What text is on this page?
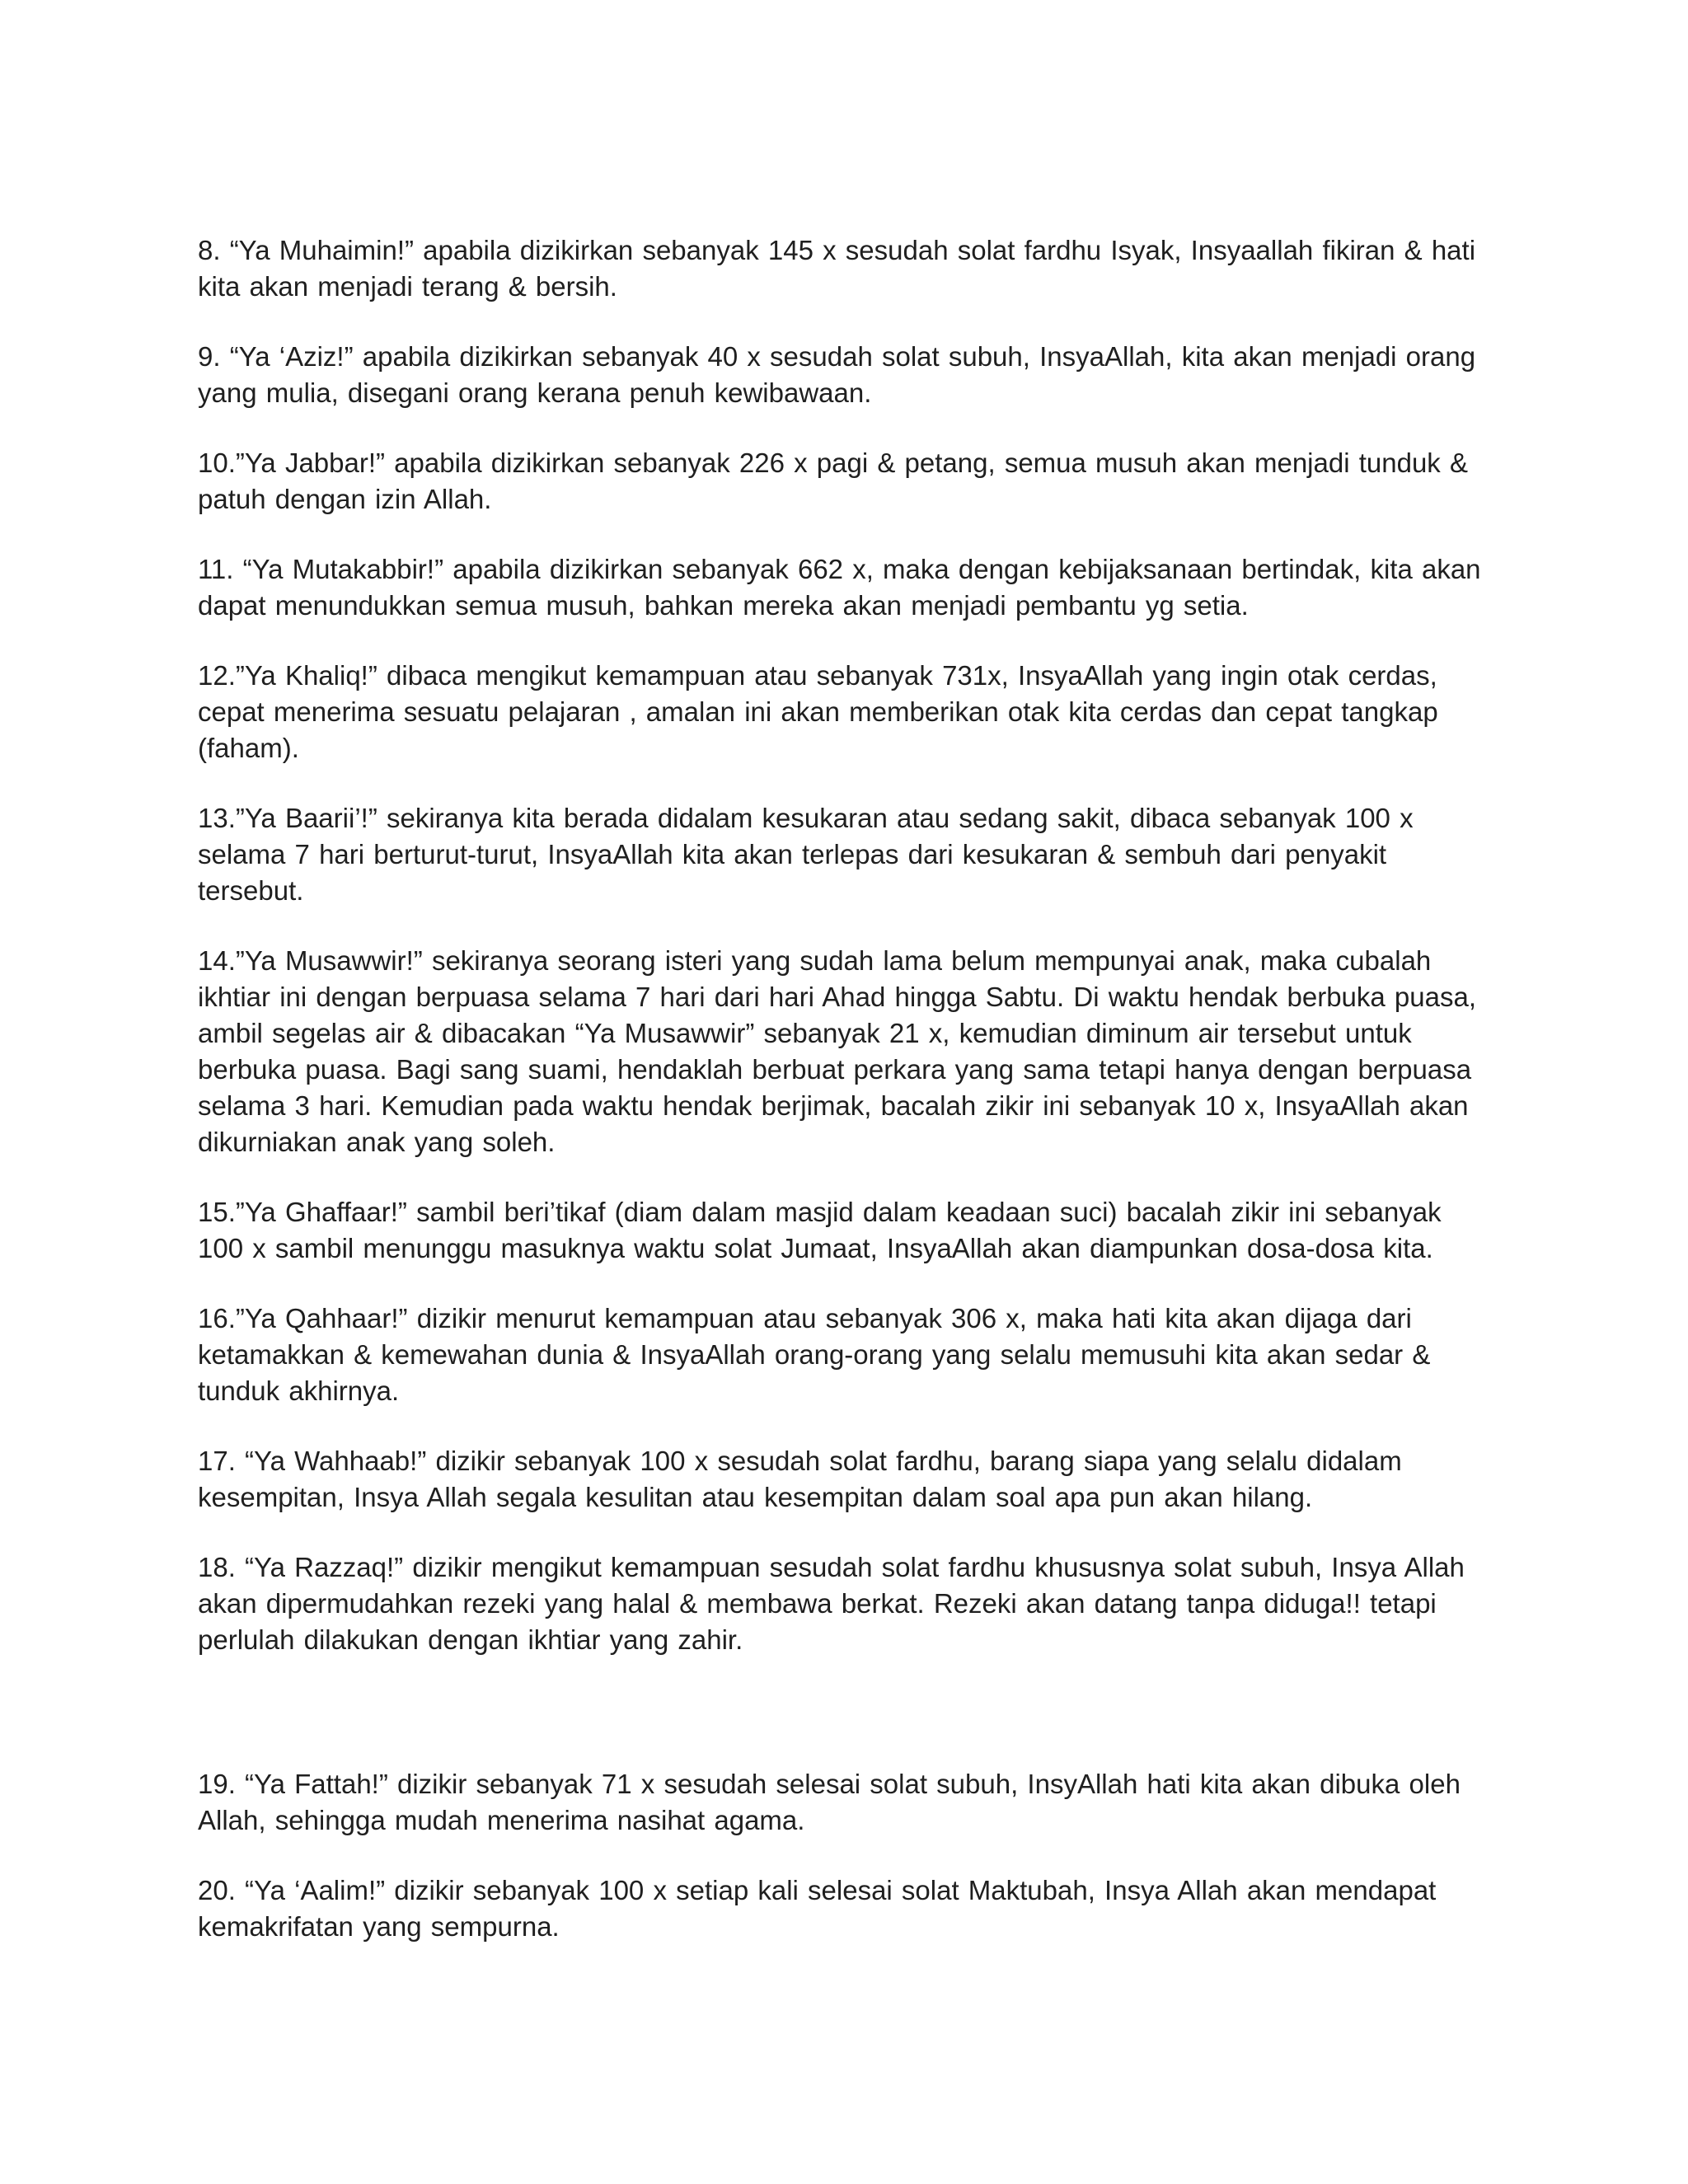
8. “Ya Muhaimin!” apabila dizikirkan sebanyak 145 x sesudah solat fardhu Isyak, Insyaallah fikiran & hati
kita akan menjadi terang & bersih.

9. “Ya ‘Aziz!” apabila dizikirkan sebanyak 40 x sesudah solat subuh, InsyaAllah, kita akan menjadi orang
yang mulia, disegani orang kerana penuh kewibawaan.

10.”Ya Jabbar!” apabila dizikirkan sebanyak 226 x pagi & petang, semua musuh akan menjadi tunduk &
patuh dengan izin Allah.

11. “Ya Mutakabbir!” apabila dizikirkan sebanyak 662 x, maka dengan kebijaksanaan bertindak, kita akan
dapat menundukkan semua musuh, bahkan mereka akan menjadi pembantu yg setia.

12.”Ya Khaliq!” dibaca mengikut kemampuan atau sebanyak 731x, InsyaAllah yang ingin otak cerdas,
cepat menerima sesuatu pelajaran , amalan ini akan memberikan otak kita cerdas dan cepat tangkap
(faham).

13.”Ya Baarii’!” sekiranya kita berada didalam kesukaran atau sedang sakit, dibaca sebanyak 100 x
selama 7 hari berturut-turut, InsyaAllah kita akan terlepas dari kesukaran & sembuh dari penyakit
tersebut.

14.”Ya Musawwir!” sekiranya seorang isteri yang sudah lama belum mempunyai anak, maka cubalah
ikhtiar ini dengan berpuasa selama 7 hari dari hari Ahad hingga Sabtu. Di waktu hendak berbuka puasa,
ambil segelas air & dibacakan “Ya Musawwir” sebanyak 21 x, kemudian diminum air tersebut untuk
berbuka puasa. Bagi sang suami, hendaklah berbuat perkara yang sama tetapi hanya dengan berpuasa
selama 3 hari. Kemudian pada waktu hendak berjimak, bacalah zikir ini sebanyak 10 x, InsyaAllah akan
dikurniakan anak yang soleh.

15.”Ya Ghaffaar!” sambil beri’tikaf (diam dalam masjid dalam keadaan suci) bacalah zikir ini sebanyak
100 x sambil menunggu masuknya waktu solat Jumaat, InsyaAllah akan diampunkan dosa-dosa kita.

16.”Ya Qahhaar!” dizikir menurut kemampuan atau sebanyak 306 x, maka hati kita akan dijaga dari
ketamakkan & kemewahan dunia & InsyaAllah orang-orang yang selalu memusuhi kita akan sedar &
tunduk akhirnya.

17. “Ya Wahhaab!” dizikir sebanyak 100 x sesudah solat fardhu, barang siapa yang selalu didalam
kesempitan, Insya Allah segala kesulitan atau kesempitan dalam soal apa pun akan hilang.

18. “Ya Razzaq!” dizikir mengikut kemampuan sesudah solat fardhu khususnya solat subuh, Insya Allah
akan dipermudahkan rezeki yang halal & membawa berkat. Rezeki akan datang tanpa diduga!! tetapi
perlulah dilakukan dengan ikhtiar yang zahir.

19. “Ya Fattah!” dizikir sebanyak 71 x sesudah selesai solat subuh, InsyAllah hati kita akan dibuka oleh
Allah, sehingga mudah menerima nasihat agama.

20. “Ya ‘Aalim!” dizikir sebanyak 100 x setiap kali selesai solat Maktubah, Insya Allah akan mendapat
kemakrifatan yang sempurna.
